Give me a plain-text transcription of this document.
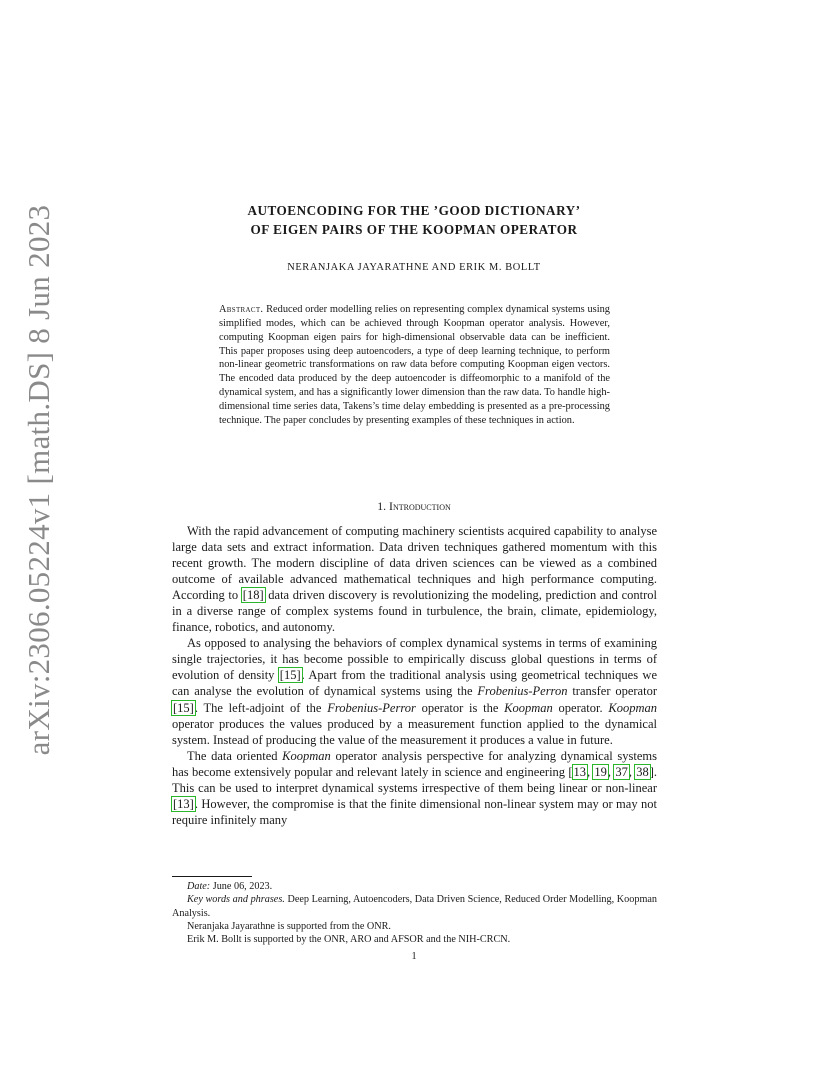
arXiv:2306.05224v1 [math.DS] 8 Jun 2023	AUTOENCODING FOR THE ’GOOD DICTIONARY’
OF EIGEN PAIRS OF THE KOOPMAN OPERATOR
NERANJAKA JAYARATHNE AND ERIK M. BOLLT
Abstract. Reduced order modelling relies on representing complex dynamical systems using simplified modes, which can be achieved through Koopman operator analysis. However, computing Koopman eigen pairs for high-dimensional observable data can be inefficient. This paper proposes using deep autoencoders, a type of deep learning technique, to perform non-linear geometric transformations on raw data before computing Koopman eigen vectors. The encoded data produced by the deep autoencoder is diffeomorphic to a manifold of the dynamical system, and has a significantly lower dimension than the raw data. To handle high-dimensional time series data, Takens’s time delay embedding is presented as a pre-processing technique. The paper concludes by presenting examples of these techniques in action.
1. Introduction

With the rapid advancement of computing machinery scientists acquired capability to analyse large data sets and extract information. Data driven techniques gathered momentum with this recent growth. The modern discipline of data driven sciences can be viewed as a combined outcome of available advanced mathematical techniques and high performance computing. According to [18] data driven discovery is revolutionizing the modeling, prediction and control in a diverse range of complex systems found in turbulence, the brain, climate, epidemiology, finance, robotics, and autonomy.

As opposed to analysing the behaviors of complex dynamical systems in terms of examining single trajectories, it has become possible to empirically discuss global questions in terms of evolution of density [15]. Apart from the traditional analysis using geometrical techniques we can analyse the evolution of dynamical systems using the Frobenius-Perron transfer operator [15]. The left-adjoint of the Frobenius-Perror operator is the Koopman operator. Koopman operator produces the values produced by a measurement function applied to the dynamical system. Instead of producing the value of the measurement it produces a value in future.

The data oriented Koopman operator analysis perspective for analyzing dynamical systems has become extensively popular and relevant lately in science and engineering [13, 19, 37, 38]. This can be used to interpret dynamical systems irrespective of them being linear or non-linear [13]. However, the compromise is that the finite dimensional non-linear system may or may not require infinitely many

Date: June 06, 2023.

Key words and phrases. Deep Learning, Autoencoders, Data Driven Science, Reduced Order Modelling, Koopman Analysis.

Neranjaka Jayarathne is supported from the ONR.

Erik M. Bollt is supported by the ONR, ARO and AFSOR and the NIH-CRCN.

1
